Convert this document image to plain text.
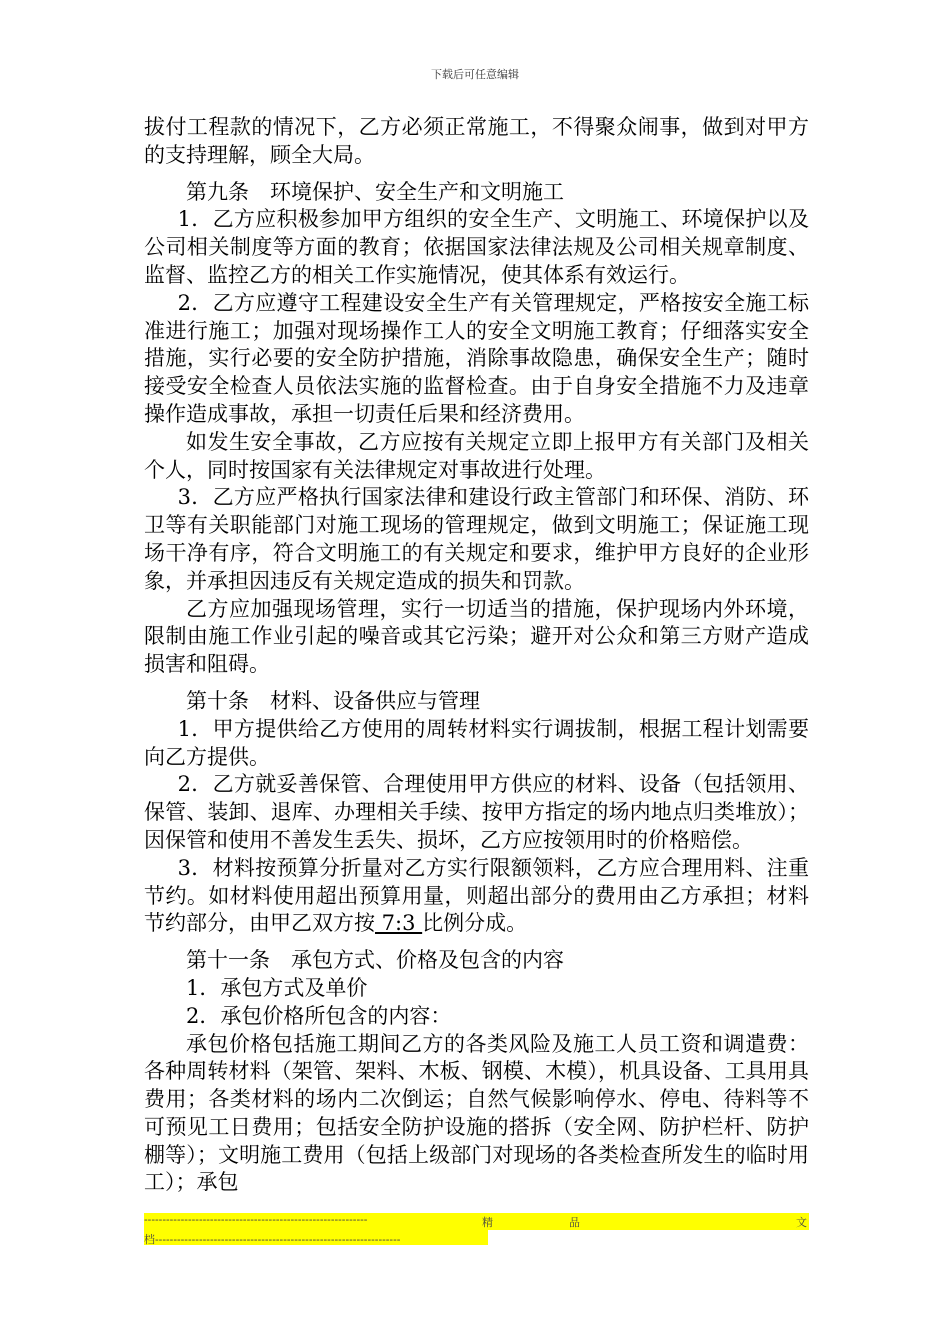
下载后可任意编辑

拔付工程款的情况下，乙方必须正常施工，不得聚众闹事，做到对甲方的支持理解，顾全大局。

第九条　环境保护、安全生产和文明施工

1．乙方应积极参加甲方组织的安全生产、文明施工、环境保护以及公司相关制度等方面的教育；依据国家法律法规及公司相关规章制度、监督、监控乙方的相关工作实施情况，使其体系有效运行。

2．乙方应遵守工程建设安全生产有关管理规定，严格按安全施工标准进行施工；加强对现场操作工人的安全文明施工教育；仔细落实安全措施，实行必要的安全防护措施，消除事故隐患，确保安全生产；随时接受安全检查人员依法实施的监督检查。由于自身安全措施不力及违章操作造成事故，承担一切责任后果和经济费用。

如发生安全事故，乙方应按有关规定立即上报甲方有关部门及相关个人，同时按国家有关法律规定对事故进行处理。

3．乙方应严格执行国家法律和建设行政主管部门和环保、消防、环卫等有关职能部门对施工现场的管理规定，做到文明施工；保证施工现场干净有序，符合文明施工的有关规定和要求，维护甲方良好的企业形象，并承担因违反有关规定造成的损失和罚款。

乙方应加强现场管理，实行一切适当的措施，保护现场内外环境，限制由施工作业引起的噪音或其它污染；避开对公众和第三方财产造成损害和阻碍。

第十条　材料、设备供应与管理

1．甲方提供给乙方使用的周转材料实行调拔制，根据工程计划需要向乙方提供。

2．乙方就妥善保管、合理使用甲方供应的材料、设备（包括领用、保管、装卸、退库、办理相关手续、按甲方指定的场内地点归类堆放）；因保管和使用不善发生丢失、损坏，乙方应按领用时的价格赔偿。

3．材料按预算分折量对乙方实行限额领料，乙方应合理用料、注重节约。如材料使用超出预算用量，则超出部分的费用由乙方承担；材料节约部分，由甲乙双方按 7:3 比例分成。

第十一条　承包方式、价格及包含的内容

1．承包方式及单价

2．承包价格所包含的内容：

承包价格包括施工期间乙方的各类风险及施工人员工资和调遣费：各种周转材料（架管、架料、木板、钢模、木模），机具设备、工具用具费用；各类材料的场内二次倒运；自然气候影响停水、停电、待料等不可预见工日费用；包括安全防护设施的搭拆（安全网、防护栏杆、防护棚等）；文明施工费用（包括上级部门对现场的各类检查所发生的临时用工）；承包

-------------------------------------------------------------	精	品	文
档-------------------------------------------------------------------
